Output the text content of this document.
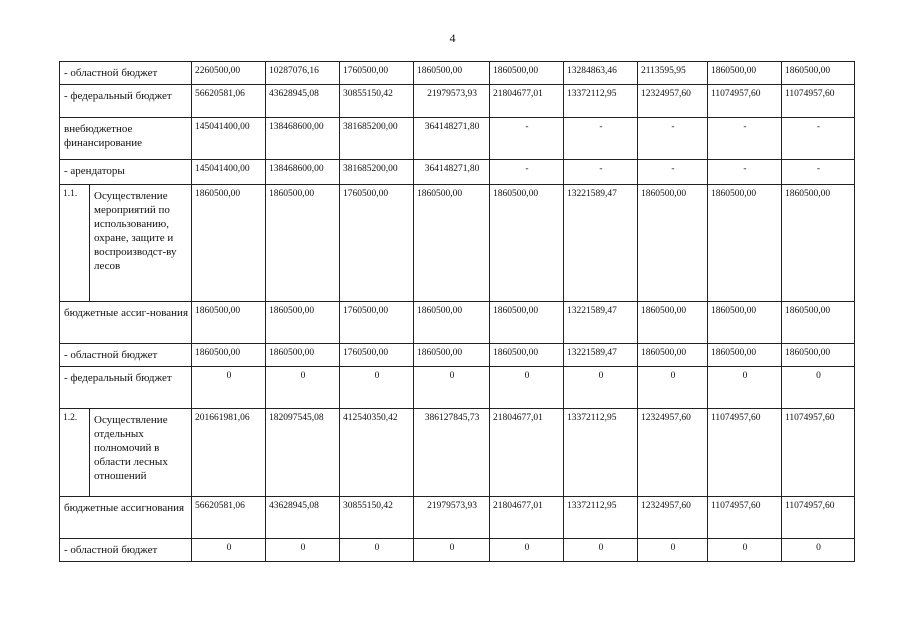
4
- областной бюджет		2260500,00	10287076,16	1760500,00	1860500,00	1860500,00	13284863,46	2113595,95	1860500,00	1860500,00
- федеральный бюджет		56620581,06	43628945,08	30855150,42	21979573,93	21804677,01	13372112,95	12324957,60	11074957,60	11074957,60
внебюджетное финансирование		145041400,00	138468600,00	381685200,00	364148271,80	-	-	-	-	-
- арендаторы		145041400,00	138468600,00	381685200,00	364148271,80	-	-	-	-	-
1.1.	Осуществление мероприятий по использованию, охране, защите и воспроизводст-ву лесов	1860500,00	1860500,00	1760500,00	1860500,00	1860500,00	13221589,47	1860500,00	1860500,00	1860500,00
бюджетные ассиг-нования		1860500,00	1860500,00	1760500,00	1860500,00	1860500,00	13221589,47	1860500,00	1860500,00	1860500,00
- областной бюджет		1860500,00	1860500,00	1760500,00	1860500,00	1860500,00	13221589,47	1860500,00	1860500,00	1860500,00
- федеральный бюджет		0	0	0	0	0	0	0	0	0
1.2.	Осуществление отдельных полномочий в области лесных отношений	201661981,06	182097545,08	412540350,42	386127845,73	21804677,01	13372112,95	12324957,60	11074957,60	11074957,60
бюджетные ассигнования		56620581,06	43628945,08	30855150,42	21979573,93	21804677,01	13372112,95	12324957,60	11074957,60	11074957,60
- областной бюджет		0	0	0	0	0	0	0	0	0
